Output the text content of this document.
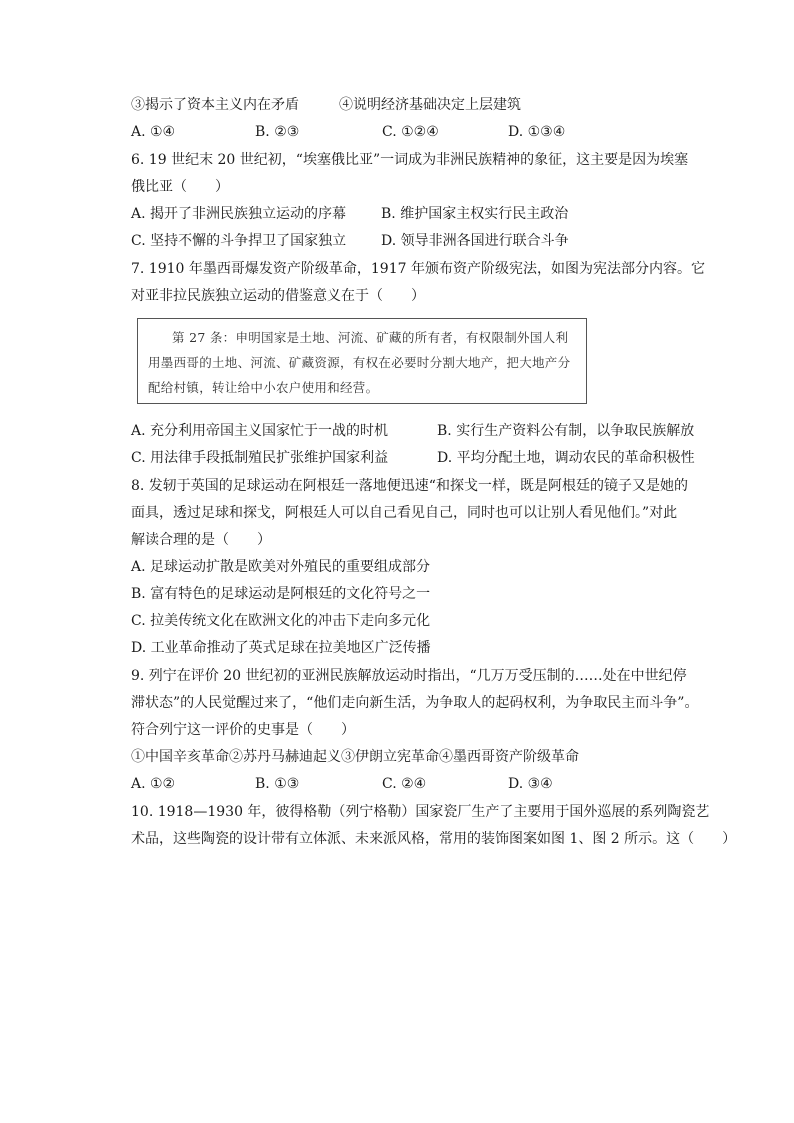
③揭示了资本主义内在矛盾	④说明经济基础决定上层建筑
A. ①④	B. ②③	C. ①②④	D. ①③④
6. 19 世纪末 20 世纪初，“埃塞俄比亚”一词成为非洲民族精神的象征，这主要是因为埃塞
俄比亚（　　）
A. 揭开了非洲民族独立运动的序幕 B. 维护国家主权实行民主政治
C. 坚持不懈的斗争捍卫了国家独立 D. 领导非洲各国进行联合斗争
7. 1910 年墨西哥爆发资产阶级革命，1917 年颁布资产阶级宪法，如图为宪法部分内容。它
对亚非拉民族独立运动的借鉴意义在于（　　）

第 27 条：申明国家是土地、河流、矿藏的所有者，有权限制外国人利用墨西哥的土地、河流、矿藏资源，有权在必要时分割大地产，把大地产分配给村镇，转让给中小农户使用和经营。

A. 充分利用帝国主义国家忙于一战的时机	B. 实行生产资料公有制，以争取民族解放
C. 用法律手段抵制殖民扩张维护国家利益	D. 平均分配土地，调动农民的革命积极性
8. 发轫于英国的足球运动在阿根廷一落地便迅速“和探戈一样，既是阿根廷的镜子又是她的
面具，透过足球和探戈，阿根廷人可以自己看见自己，同时也可以让别人看见他们。”对此
解读合理的是（　　）
A. 足球运动扩散是欧美对外殖民的重要组成部分
B. 富有特色的足球运动是阿根廷的文化符号之一
C. 拉美传统文化在欧洲文化的冲击下走向多元化
D. 工业革命推动了英式足球在拉美地区广泛传播
9. 列宁在评价 20 世纪初的亚洲民族解放运动时指出，“几万万受压制的……处在中世纪停
滞状态”的人民觉醒过来了，“他们走向新生活，为争取人的起码权利，为争取民主而斗争”。
符合列宁这一评价的史事是（　　）
①中国辛亥革命②苏丹马赫迪起义③伊朗立宪革命④墨西哥资产阶级革命
A. ①②	B. ①③	C. ②④	D. ③④
10. 1918—1930 年，彼得格勒（列宁格勒）国家瓷厂生产了主要用于国外巡展的系列陶瓷艺
术品，这些陶瓷的设计带有立体派、未来派风格，常用的装饰图案如图 1、图 2 所示。这（　　）
